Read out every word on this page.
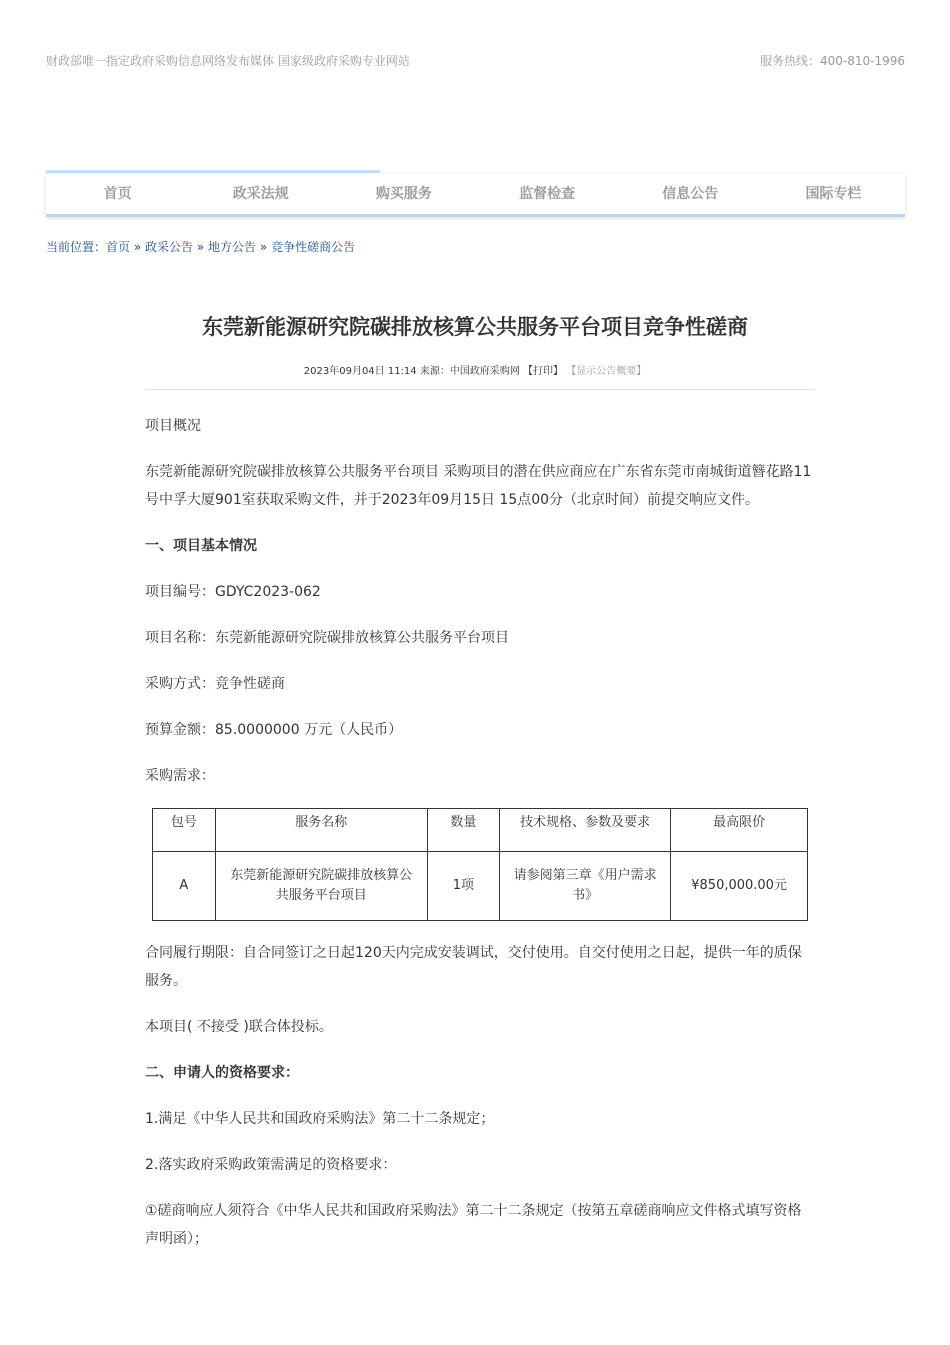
财政部唯一指定政府采购信息网络发布媒体 国家级政府采购专业网站	服务热线：400-810-1996
首页	政采法规	购买服务	监督检查	信息公告	国际专栏
当前位置：首页 » 政采公告 » 地方公告 » 竞争性磋商公告
东莞新能源研究院碳排放核算公共服务平台项目竞争性磋商
2023年09月04日 11:14 来源：中国政府采购网 【打印】 【显示公告概要】

项目概况

东莞新能源研究院碳排放核算公共服务平台项目 采购项目的潜在供应商应在广东省东莞市南城街道簪花路11号中孚大厦901室获取采购文件，并于2023年09月15日 15点00分（北京时间）前提交响应文件。

一、项目基本情况

项目编号：GDYC2023-062

项目名称：东莞新能源研究院碳排放核算公共服务平台项目

采购方式：竞争性磋商

预算金额：85.0000000 万元（人民币）

采购需求：

包号	服务名称	数量	技术规格、参数及要求	最高限价
A	东莞新能源研究院碳排放核算公共服务平台项目	1项	请参阅第三章《用户需求书》	¥850,000.00元

合同履行期限：自合同签订之日起120天内完成安装调试，交付使用。自交付使用之日起，提供一年的质保服务。

本项目( 不接受 )联合体投标。

二、申请人的资格要求：

1.满足《中华人民共和国政府采购法》第二十二条规定；

2.落实政府采购政策需满足的资格要求：

①磋商响应人须符合《中华人民共和国政府采购法》第二十二条规定（按第五章磋商响应文件格式填写资格声明函）；
